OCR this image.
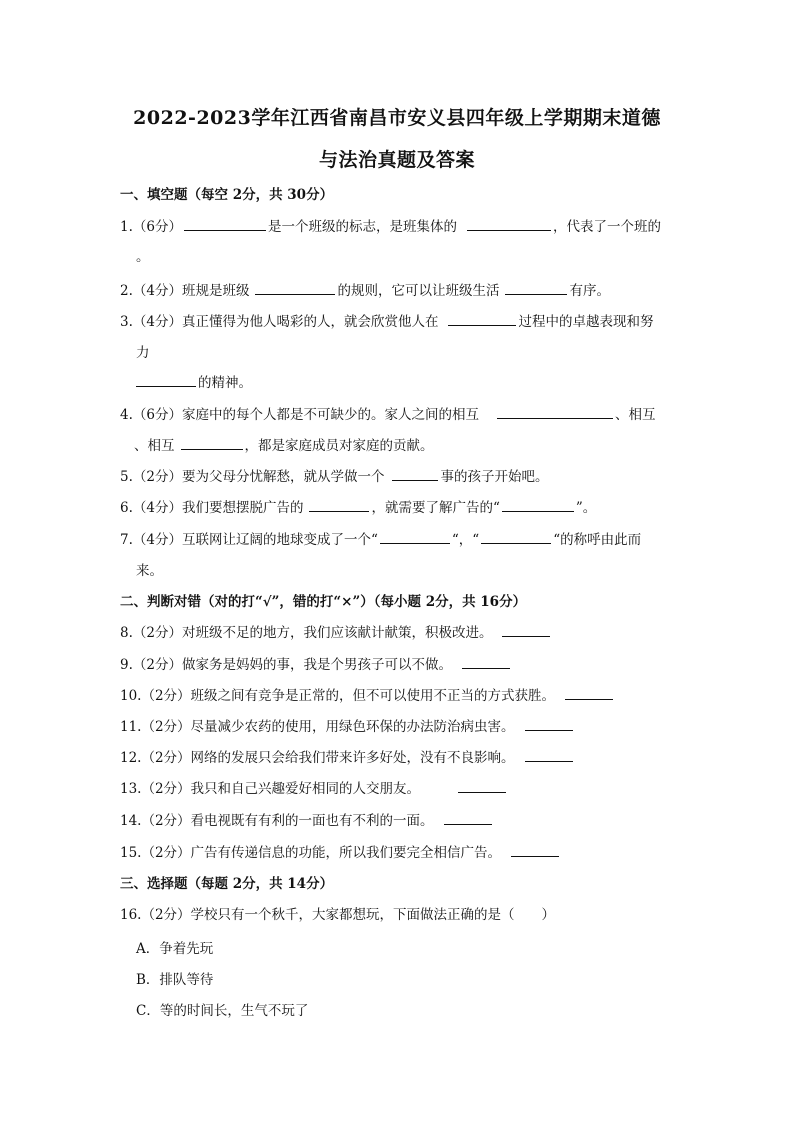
2022-2023学年江西省南昌市安义县四年级上学期期末道德
与法治真题及答案
一、填空题（每空 2分，共 30分）
1.（6分）	是一个班级的标志，是班集体的	，代表了一个班的
。
2.（4分）班规是班级	的规则，它可以让班级生活	有序。
3.（4分）真正懂得为他人喝彩的人，就会欣赏他人在	过程中的卓越表现和努
力
的精神。
4.（6分）家庭中的每个人都是不可缺少的。家人之间的相互	、相互
、相互	，都是家庭成员对家庭的贡献。
5.（2分）要为父母分忧解愁，就从学做一个	事的孩子开始吧。
6.（4分）我们要想摆脱广告的	，就需要了解广告的“	”。
7.（4分）互联网让辽阔的地球变成了一个“	“，“	“的称呼由此而
来。
二、判断对错（对的打“√”，错的打“×”）（每小题 2分，共 16分）
8.（2分）对班级不足的地方，我们应该献计献策，积极改进。
9.（2分）做家务是妈妈的事，我是个男孩子可以不做。
10.（2分）班级之间有竞争是正常的，但不可以使用不正当的方式获胜。
11.（2分）尽量减少农药的使用，用绿色环保的办法防治病虫害。
12.（2分）网络的发展只会给我们带来许多好处，没有不良影响。
13.（2分）我只和自己兴趣爱好相同的人交朋友。
14.（2分）看电视既有有利的一面也有不利的一面。
15.（2分）广告有传递信息的功能，所以我们要完全相信广告。
三、选择题（每题 2分，共 14分）
16.（2分）学校只有一个秋千，大家都想玩，下面做法正确的是（　　）
A．争着先玩
B．排队等待
C．等的时间长，生气不玩了
